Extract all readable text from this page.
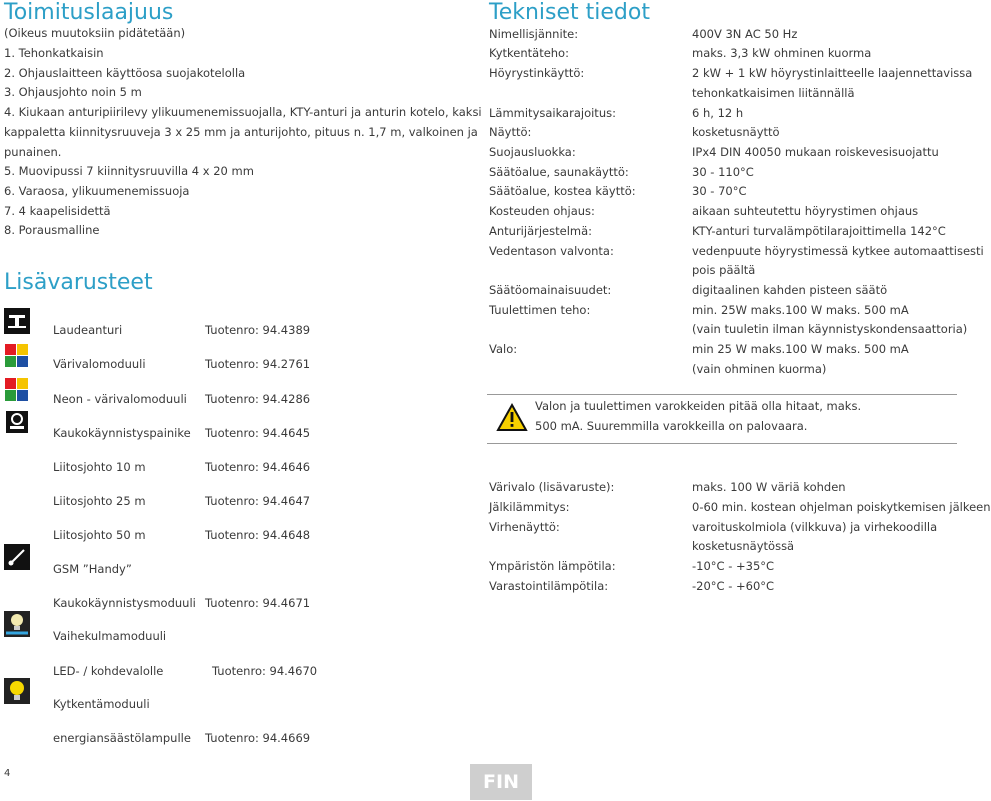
Toimituslaajuus
(Oikeus muutoksiin pidätetään)
1. Tehonkatkaisin
2. Ohjauslaitteen käyttöosa suojakotelolla
3. Ohjausjohto noin 5 m
4. Kiukaan anturipiirilevy ylikuumenemissuojalla, KTY-anturi ja anturin kotelo, kaksi
kappaletta kiinnitysruuveja 3 x 25 mm ja anturijohto, pituus n. 1,7 m, valkoinen ja
punainen.
5. Muovipussi 7 kiinnitysruuvilla 4 x 20 mm
6. Varaosa, ylikuumenemissuoja
7. 4 kaapelisidettä
8. Porausmalline
Lisävarusteet
Laudeanturi	Tuotenro: 94.4389
Värivalomoduuli	Tuotenro: 94.2761
Neon - värivalomoduuli Tuotenro: 94.4286
Kaukokäynnistyspainike Tuotenro: 94.4645
Liitosjohto 10 m	Tuotenro: 94.4646
Liitosjohto 25 m	Tuotenro: 94.4647
Liitosjohto 50 m	Tuotenro: 94.4648
GSM ”Handy”
Kaukokäynnistysmoduuli Tuotenro: 94.4671
Vaihekulmamoduuli
LED- / kohdevalolle	Tuotenro: 94.4670
Kytkentämoduuli
energiansäästölampulle Tuotenro: 94.4669
Tekniset tiedot
Nimellisjännite:	400V 3N AC 50 Hz
Kytkentäteho:	maks. 3,3 kW ohminen kuorma
Höyrystinkäyttö:	2 kW + 1 kW höyrystinlaitteelle laajennettavissa
tehonkatkaisimen liitännällä
Lämmitysaikarajoitus:	6 h, 12 h
Näyttö:	kosketusnäyttö
Suojausluokka:	IPx4 DIN 40050 mukaan roiskevesisuojattu
Säätöalue, saunakäyttö:	30 - 110°C
Säätöalue, kostea käyttö:	30 - 70°C
Kosteuden ohjaus:	aikaan suhteutettu höyrystimen ohjaus
Anturijärjestelmä:	KTY-anturi turvalämpötilarajoittimella 142°C
Vedentason valvonta:	vedenpuute höyrystimessä kytkee automaattisesti
pois päältä
Säätöomainaisuudet:	digitaalinen kahden pisteen säätö
Tuulettimen teho:	min. 25W maks.100 W maks. 500 mA
(vain tuuletin ilman käynnistyskondensaattoria)
Valo:	min 25 W maks.100 W maks. 500 mA
(vain ohminen kuorma)
Valon ja tuulettimen varokkeiden pitää olla hitaat, maks.
500 mA. Suuremmilla varokkeilla on palovaara.
Värivalo (lisävaruste):	maks. 100 W väriä kohden
Jälkilämmitys:	0-60 min. kostean ohjelman poiskytkemisen jälkeen
Virhenäyttö:	varoituskolmiola (vilkkuva) ja virhekoodilla
kosketusnäytössä
Ympäristön lämpötila:	-10°C - +35°C
Varastointilämpötila:	-20°C - +60°C
4	FIN
